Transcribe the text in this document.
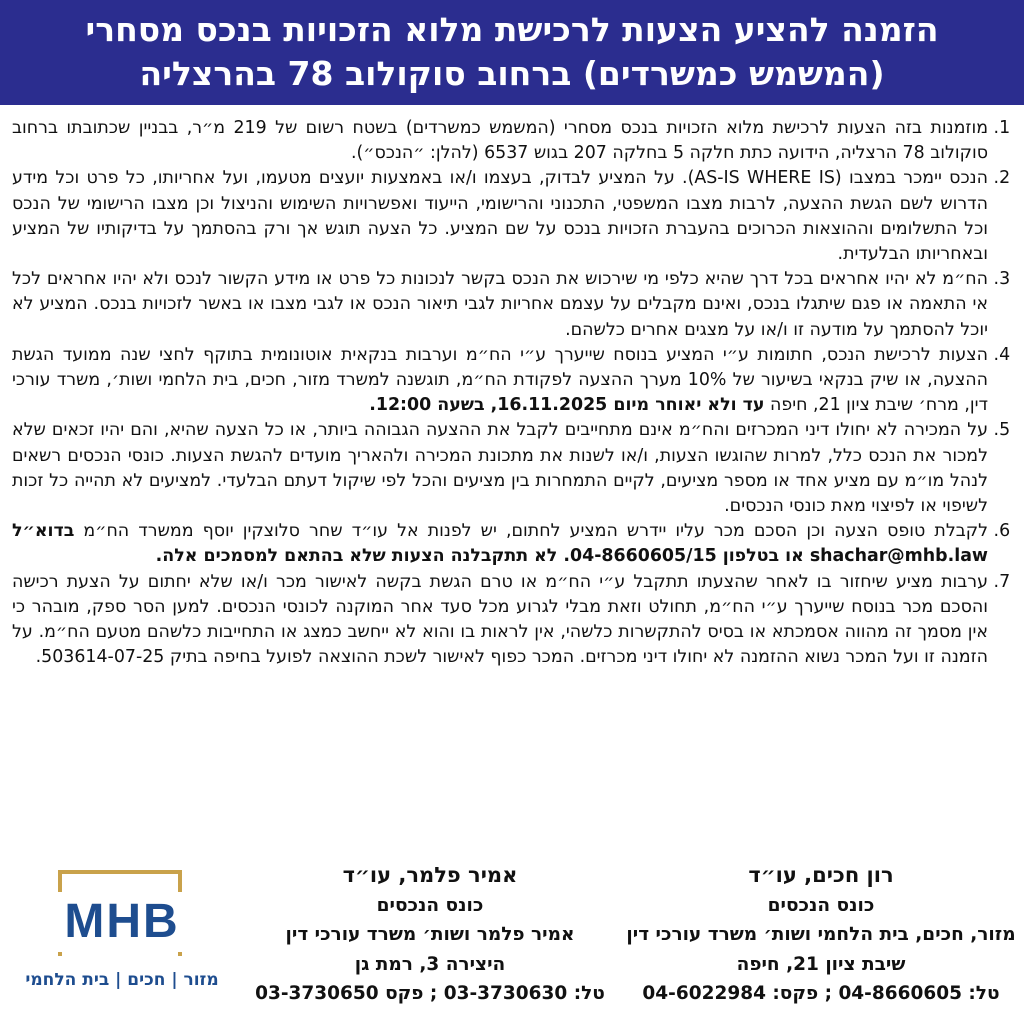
הזמנה להציע הצעות לרכישת מלוא הזכויות בנכס מסחרי
(המשמש כמשרדים) ברחוב סוקולוב 78 בהרצליה
1. מוזמנות בזה הצעות לרכישת מלוא הזכויות בנכס מסחרי (המשמש כמשרדים) בשטח רשום של 219 מ״ר, בבניין שכתובתו ברחוב סוקולוב 78 הרצליה, הידועה כתת חלקה 5 בחלקה 207 בגוש 6537 (להלן: ״הנכס״).
2. הנכס יימכר במצבו (AS-IS WHERE IS). על המציע לבדוק, בעצמו ו/או באמצעות יועצים מטעמו, ועל אחריותו, כל פרט וכל מידע הדרוש לשם הגשת ההצעה, לרבות מצבו המשפטי, התכנוני והרישומי, הייעוד ואפשרויות השימוש והניצול וכן מצבו הרישומי של הנכס וכל התשלומים וההוצאות הכרוכים בהעברת הזכויות בנכס על שם המציע. כל הצעה תוגש אך ורק בהסתמך על בדיקותיו של המציע ובאחריותו הבלעדית.
3. הח״מ לא יהיו אחראים בכל דרך שהיא כלפי מי שירכוש את הנכס בקשר לנכונות כל פרט או מידע הקשור לנכס ולא יהיו אחראים לכל אי התאמה או פגם שיתגלו בנכס, ואינם מקבלים על עצמם אחריות לגבי תיאור הנכס או לגבי מצבו או באשר לזכויות בנכס. המציע לא יוכל להסתמך על מודעה זו ו/או על מצגים אחרים כלשהם.
4. הצעות לרכישת הנכס, חתומות ע״י המציע בנוסח שייערך ע״י הח״מ וערבות בנקאית אוטונומית בתוקף לחצי שנה ממועד הגשת ההצעה, או שיק בנקאי בשיעור של 10% מערך ההצעה לפקודת הח״מ, תוגשנה למשרד מזור, חכים, בית הלחמי ושות׳, משרד עורכי דין, מרח׳ שיבת ציון 21, חיפה עד ולא יאוחר מיום 16.11.2025, בשעה 12:00.
5. על המכירה לא יחולו דיני המכרזים והח״מ אינם מתחייבים לקבל את ההצעה הגבוהה ביותר, או כל הצעה שהיא, והם יהיו זכאים שלא למכור את הנכס כלל, למרות שהוגשו הצעות, ו/או לשנות את מתכונת המכירה ולהאריך מועדים להגשת הצעות. כונסי הנכסים רשאים לנהל מו״מ עם מציע אחד או מספר מציעים, לקיים התמחרות בין מציעים והכל לפי שיקול דעתם הבלעדי. למציעים לא תהייה כל זכות לשיפוי או לפיצוי מאת כונסי הנכסים.
6. לקבלת טופס הצעה וכן הסכם מכר עליו יידרש המציע לחתום, יש לפנות אל עו״ד שחר סלוצקין יוסף ממשרד הח״מ בדוא״ל shachar@mhb.law או בטלפון 04-8660605/15. לא תתקבלנה הצעות שלא בהתאם למסמכים אלה.
7. ערבות מציע שיחזור בו לאחר שהצעתו תתקבל ע״י הח״מ או טרם הגשת בקשה לאישור מכר ו/או שלא יחתום על הצעת רכישה והסכם מכר בנוסח שייערך ע״י הח״מ, תחולט וזאת מבלי לגרוע מכל סעד אחר המוקנה לכונסי הנכסים. למען הסר ספק, מובהר כי אין מסמך זה מהווה אסמכתא או בסיס להתקשרות כלשהי, אין לראות בו והוא לא ייחשב כמצג או התחייבות כלשהם מטעם הח״מ. על הזמנה זו ועל המכר נשוא ההזמנה לא יחולו דיני מכרזים. המכר כפוף לאישור לשכת ההוצאה לפועל בחיפה בתיק 503614-07-25.
רון חכים, עו״ד
כונס הנכסים
מזור, חכים, בית הלחמי ושות׳ משרד עורכי דין
שיבת ציון 21, חיפה
טל: 04-8660605 ; פקס: 04-6022984
אמיר פלמר, עו״ד
כונס הנכסים
אמיר פלמר ושות׳ משרד עורכי דין
היצירה 3, רמת גן
טל: 03-3730630 ; פקס 03-3730650
MHB
מזור | חכים | בית הלחמי
